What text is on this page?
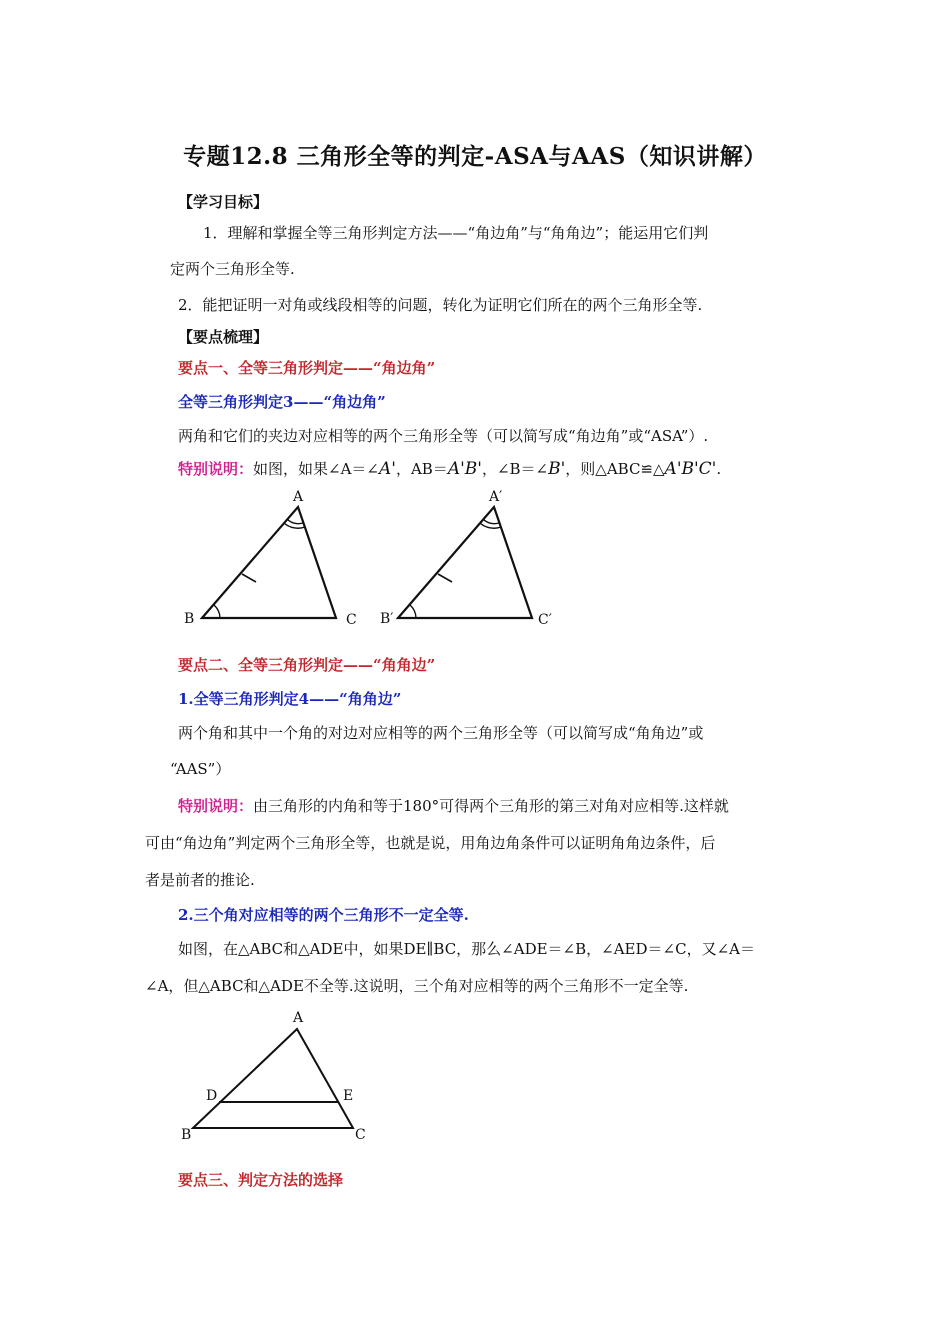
专题12.8 三角形全等的判定-ASA与AAS（知识讲解）
【学习目标】
1．理解和掌握全等三角形判定方法——“角边角”与“角角边”；能运用它们判
定两个三角形全等.
2．能把证明一对角或线段相等的问题，转化为证明它们所在的两个三角形全等.
【要点梳理】
要点一、全等三角形判定——“角边角”
全等三角形判定3——“角边角”
两角和它们的夹边对应相等的两个三角形全等（可以简写成“角边角”或“ASA”）.
特别说明：如图，如果∠A＝∠A'，AB＝A'B'，∠B＝∠B'，则△ABC≌△A'B'C'.
A
B	C
A′
B′	C′
要点二、全等三角形判定——“角角边”
1.全等三角形判定4——“角角边”
两个角和其中一个角的对边对应相等的两个三角形全等（可以简写成“角角边”或
“AAS”）
特别说明：由三角形的内角和等于180°可得两个三角形的第三对角对应相等.这样就
可由“角边角”判定两个三角形全等，也就是说，用角边角条件可以证明角角边条件，后
者是前者的推论.
2.三个角对应相等的两个三角形不一定全等.
如图，在△ABC和△ADE中，如果DE∥BC，那么∠ADE＝∠B，∠AED＝∠C，又∠A＝
∠A，但△ABC和△ADE不全等.这说明，三个角对应相等的两个三角形不一定全等.
A
D	E
B	C
要点三、判定方法的选择
